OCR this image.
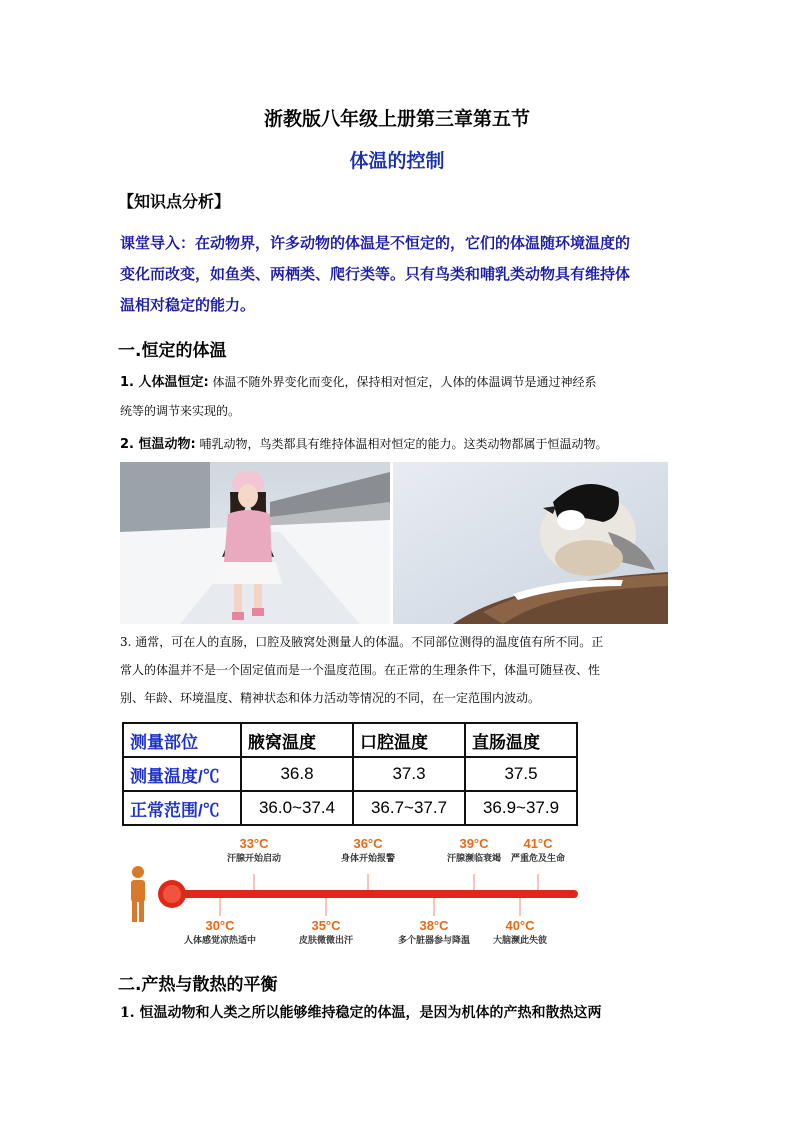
浙教版八年级上册第三章第五节
体温的控制
【知识点分析】
课堂导入：在动物界，许多动物的体温是不恒定的，它们的体温随环境温度的
变化而改变，如鱼类、两栖类、爬行类等。只有鸟类和哺乳类动物具有维持体
温相对稳定的能力。
一.恒定的体温
1. 人体温恒定: 体温不随外界变化而变化，保持相对恒定，人体的体温调节是通过神经系
统等的调节来实现的。
2. 恒温动物: 哺乳动物，鸟类都具有维持体温相对恒定的能力。这类动物都属于恒温动物。
3. 通常，可在人的直肠，口腔及腋窝处测量人的体温。不同部位测得的温度值有所不同。正
常人的体温并不是一个固定值而是一个温度范围。在正常的生理条件下，体温可随昼夜、性
别、年龄、环境温度、精神状态和体力活动等情况的不同，在一定范围内波动。
测量部位	腋窝温度	口腔温度	直肠温度
测量温度/℃	36.8	37.3	37.5
正常范围/℃	36.0~37.4	36.7~37.7	36.9~37.9
33°C
汗腺开始启动
36°C
身体开始报警
39°C
汗腺濒临衰竭
41°C
严重危及生命
30°C
人体感觉凉热适中
35°C
皮肤微微出汗
38°C
多个脏器参与降温
40°C
大脑濒此失彼
二.产热与散热的平衡
1. 恒温动物和人类之所以能够维持稳定的体温，是因为机体的产热和散热这两
